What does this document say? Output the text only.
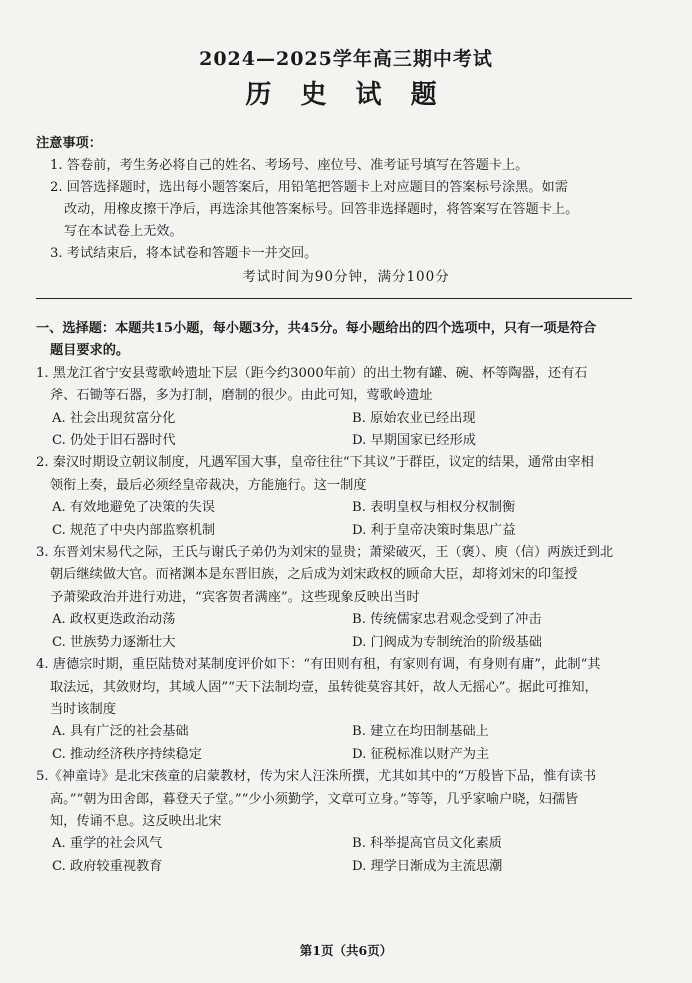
2024—2025学年高三期中考试
历 史 试 题
注意事项：
1. 答卷前，考生务必将自己的姓名、考场号、座位号、准考证号填写在答题卡上。
2. 回答选择题时，选出每小题答案后，用铅笔把答题卡上对应题目的答案标号涂黑。如需
改动，用橡皮擦干净后，再选涂其他答案标号。回答非选择题时，将答案写在答题卡上。
写在本试卷上无效。
3. 考试结束后，将本试卷和答题卡一并交回。
考试时间为90分钟，满分100分
一、选择题：本题共15小题，每小题3分，共45分。每小题给出的四个选项中，只有一项是符合
题目要求的。
1. 黑龙江省宁安县莺歌岭遗址下层（距今约3000年前）的出土物有罐、碗、杯等陶器，还有石
斧、石锄等石器，多为打制，磨制的很少。由此可知，莺歌岭遗址
A. 社会出现贫富分化	B. 原始农业已经出现
C. 仍处于旧石器时代	D. 早期国家已经形成
2. 秦汉时期设立朝议制度，凡遇军国大事，皇帝往往“下其议”于群臣，议定的结果，通常由宰相
领衔上奏，最后必须经皇帝裁决，方能施行。这一制度
A. 有效地避免了决策的失误	B. 表明皇权与相权分权制衡
C. 规范了中央内部监察机制	D. 利于皇帝决策时集思广益
3. 东晋刘宋易代之际，王氏与谢氏子弟仍为刘宋的显贵；萧梁破灭，王（褒）、庾（信）两族迁到北
朝后继续做大官。而褚渊本是东晋旧族，之后成为刘宋政权的顾命大臣，却将刘宋的印玺授
予萧梁政治并进行劝进，“宾客贺者满座”。这些现象反映出当时
A. 政权更迭政治动荡	B. 传统儒家忠君观念受到了冲击
C. 世族势力逐渐壮大	D. 门阀成为专制统治的阶级基础
4. 唐德宗时期，重臣陆贽对某制度评价如下：“有田则有租，有家则有调，有身则有庸”，此制“其
取法远，其敛财均，其域人固”“天下法制均壹，虽转徙莫容其奸，故人无摇心”。据此可推知，
当时该制度
A. 具有广泛的社会基础	B. 建立在均田制基础上
C. 推动经济秩序持续稳定	D. 征税标准以财产为主
5.《神童诗》是北宋孩童的启蒙教材，传为宋人汪洙所撰，尤其如其中的“万般皆下品，惟有读书
高。”“朝为田舍郎，暮登天子堂。”“少小须勤学，文章可立身。”等等，几乎家喻户晓，妇孺皆
知，传诵不息。这反映出北宋
A. 重学的社会风气	B. 科举提高官员文化素质
C. 政府较重视教育	D. 理学日渐成为主流思潮
第1页（共6页）
